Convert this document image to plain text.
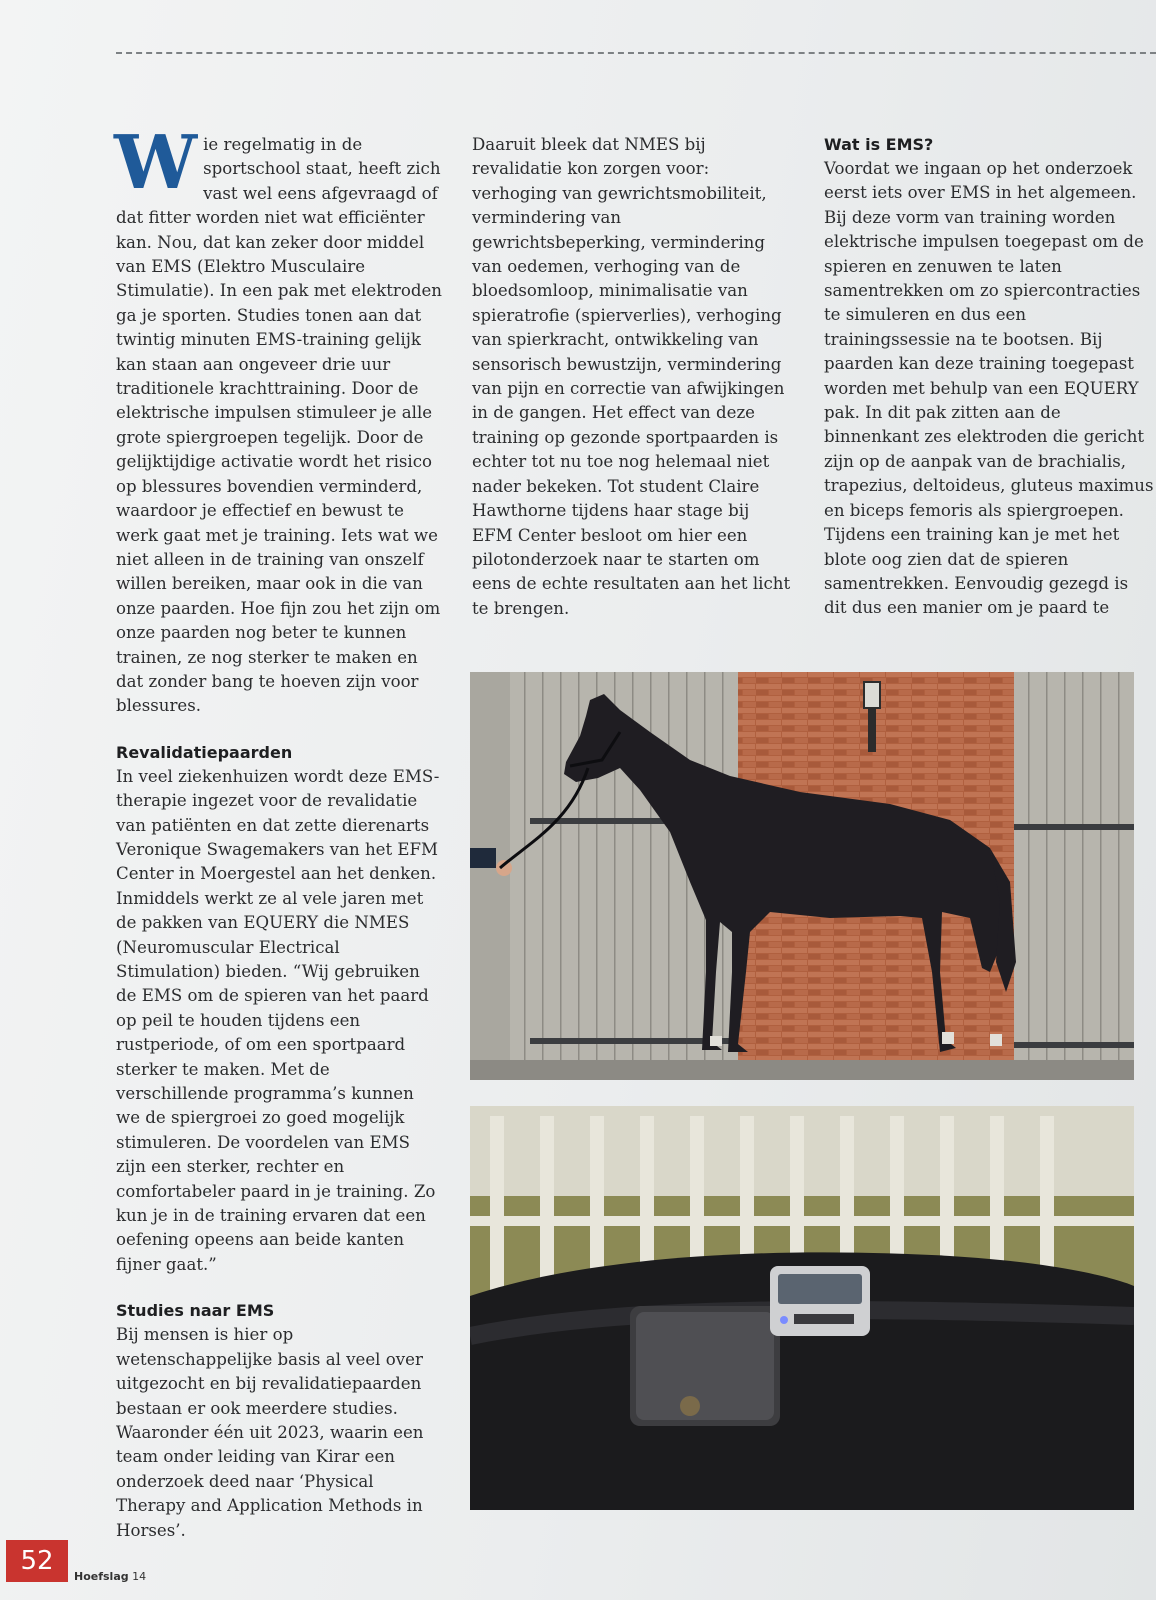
W ie regelmatig in de sportschool staat, heeft zich vast wel eens afgevraagd of dat fitter worden niet wat efficiënter kan. Nou, dat kan zeker door middel van EMS (Elektro Musculaire Stimulatie). In een pak met elektroden ga je sporten. Studies tonen aan dat twintig minuten EMS-training gelijk kan staan aan ongeveer drie uur traditionele krachttraining. Door de elektrische impulsen stimuleer je alle grote spiergroepen tegelijk. Door de gelijktijdige activatie wordt het risico op blessures bovendien verminderd, waardoor je effectief en bewust te werk gaat met je training. Iets wat we niet alleen in de training van onszelf willen bereiken, maar ook in die van onze paarden. Hoe fijn zou het zijn om onze paarden nog beter te kunnen trainen, ze nog sterker te maken en dat zonder bang te hoeven zijn voor blessures.

Revalidatiepaarden

In veel ziekenhuizen wordt deze EMS-therapie ingezet voor de revalidatie van patiënten en dat zette dierenarts Veronique Swagemakers van het EFM Center in Moergestel aan het denken. Inmiddels werkt ze al vele jaren met de pakken van EQUERY die NMES (Neuromuscular Electrical Stimulation) bieden. “Wij gebruiken de EMS om de spieren van het paard op peil te houden tijdens een rustperiode, of om een sportpaard sterker te maken. Met de verschillende programma’s kunnen we de spiergroei zo goed mogelijk stimuleren. De voordelen van EMS zijn een sterker, rechter en comfortabeler paard in je training. Zo kun je in de training ervaren dat een oefening opeens aan beide kanten fijner gaat.”

Studies naar EMS

Bij mensen is hier op wetenschappelijke basis al veel over uitgezocht en bij revalidatiepaarden bestaan er ook meerdere studies. Waaronder één uit 2023, waarin een team onder leiding van Kirar een onderzoek deed naar ‘Physical Therapy and Application Methods in Horses’.

Daaruit bleek dat NMES bij revalidatie kon zorgen voor: verhoging van gewrichtsmobiliteit, vermindering van gewrichtsbeperking, vermindering van oedemen, verhoging van de bloedsomloop, minimalisatie van spieratrofie (spierverlies), verhoging van spierkracht, ontwikkeling van sensorisch bewustzijn, vermindering van pijn en correctie van afwijkingen in de gangen. Het effect van deze training op gezonde sportpaarden is echter tot nu toe nog helemaal niet nader bekeken. Tot student Claire Hawthorne tijdens haar stage bij EFM Center besloot om hier een pilotonderzoek naar te starten om eens de echte resultaten aan het licht te brengen.

Wat is EMS?

Voordat we ingaan op het onderzoek eerst iets over EMS in het algemeen. Bij deze vorm van training worden elektrische impulsen toegepast om de spieren en zenuwen te laten samentrekken om zo spiercontracties te simuleren en dus een trainingssessie na te bootsen. Bij paarden kan deze training toegepast worden met behulp van een EQUERY pak. In dit pak zitten aan de binnenkant zes elektroden die gericht zijn op de aanpak van de brachialis, trapezius, deltoideus, gluteus maximus en biceps femoris als spiergroepen. Tijdens een training kan je met het blote oog zien dat de spieren samentrekken. Eenvoudig gezegd is dit dus een manier om je paard te

52
Hoefslag 14
